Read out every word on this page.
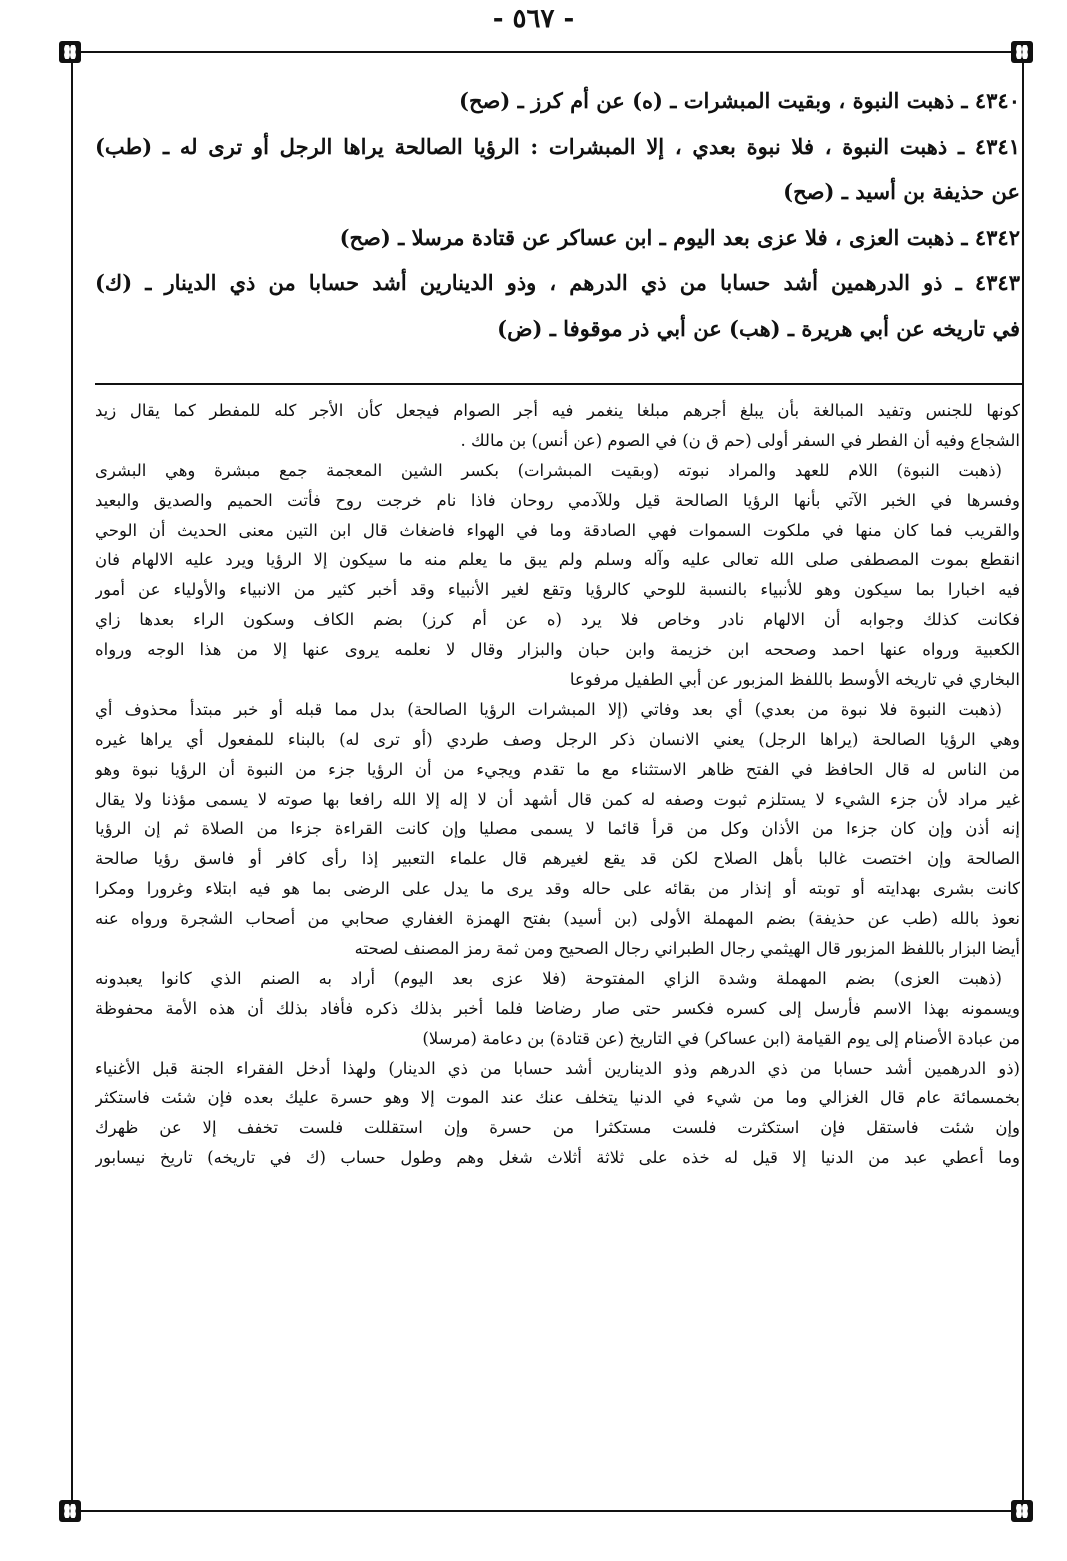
- ٥٦٧ -
٤٣٤٠ ـ ذهبت النبوة ، وبقيت المبشرات ـ (ه) عن أم كرز ـ (صح)
٤٣٤١ ـ ذهبت النبوة ، فلا نبوة بعدي ، إلا المبشرات : الرؤيا الصالحة يراها الرجل أو ترى له ـ (طب)
عن حذيفة بن أسيد ـ (صح)
٤٣٤٢ ـ ذهبت العزى ، فلا عزى بعد اليوم ـ ابن عساكر عن قتادة مرسلا ـ (صح)
٤٣٤٣ ـ ذو الدرهمين أشد حسابا من ذي الدرهم ، وذو الدينارين أشد حسابا من ذي الدينار ـ (ك)
في تاريخه عن أبي هريرة ـ (هب) عن أبي ذر موقوفا ـ (ض)
كونها للجنس وتفيد المبالغة بأن يبلغ أجرهم مبلغا ينغمر فيه أجر الصوام فيجعل كأن الأجر كله للمفطر كما يقال زيد
الشجاع وفيه أن الفطر في السفر أولى (حم ق ن) في الصوم (عن أنس) بن مالك .
(ذهبت النبوة) اللام للعهد والمراد نبوته (وبقيت المبشرات) بكسر الشين المعجمة جمع مبشرة وهي البشرى
وفسرها في الخبر الآتي بأنها الرؤيا الصالحة قيل وللآدمي روحان فاذا نام خرجت روح فأتت الحميم والصديق والبعيد
والقريب فما كان منها في ملكوت السموات فهي الصادقة وما في الهواء فاضغاث قال ابن التين معنى الحديث أن الوحي
انقطع بموت المصطفى صلى الله تعالى عليه وآله وسلم ولم يبق ما يعلم منه ما سيكون إلا الرؤيا ويرد عليه الالهام فان
فيه اخبارا بما سيكون وهو للأنبياء بالنسبة للوحي كالرؤيا وتقع لغير الأنبياء وقد أخبر كثير من الانبياء والأولياء عن أمور
فكانت كذلك وجوابه أن الالهام نادر وخاص فلا يرد (ه عن أم كرز) بضم الكاف وسكون الراء بعدها زاي
الكعبية ورواه عنها احمد وصححه ابن خزيمة وابن حبان والبزار وقال لا نعلمه يروى عنها إلا من هذا الوجه ورواه
البخاري في تاريخه الأوسط باللفظ المزبور عن أبي الطفيل مرفوعا
(ذهبت النبوة فلا نبوة من بعدي) أي بعد وفاتي (إلا المبشرات الرؤيا الصالحة) بدل مما قبله أو خبر مبتدأ محذوف أي
وهي الرؤيا الصالحة (يراها الرجل) يعني الانسان ذكر الرجل وصف طردي (أو ترى له) بالبناء للمفعول أي يراها غيره
من الناس له قال الحافظ في الفتح ظاهر الاستثناء مع ما تقدم ويجيء من أن الرؤيا جزء من النبوة أن الرؤيا نبوة وهو
غير مراد لأن جزء الشيء لا يستلزم ثبوت وصفه له كمن قال أشهد أن لا إله إلا الله رافعا بها صوته لا يسمى مؤذنا ولا يقال
إنه أذن وإن كان جزءا من الأذان وكل من قرأ قائما لا يسمى مصليا وإن كانت القراءة جزءا من الصلاة ثم إن الرؤيا
الصالحة وإن اختصت غالبا بأهل الصلاح لكن قد يقع لغيرهم قال علماء التعبير إذا رأى كافر أو فاسق رؤيا صالحة
كانت بشرى بهدايته أو توبته أو إنذار من بقائه على حاله وقد يرى ما يدل على الرضى بما هو فيه ابتلاء وغرورا ومكرا
نعوذ بالله (طب عن حذيفة) بضم المهملة الأولى (بن أسيد) بفتح الهمزة الغفاري صحابي من أصحاب الشجرة ورواه عنه
أيضا البزار باللفظ المزبور قال الهيثمي رجال الطبراني رجال الصحيح ومن ثمة رمز المصنف لصحته
(ذهبت العزى) بضم المهملة وشدة الزاي المفتوحة (فلا عزى بعد اليوم) أراد به الصنم الذي كانوا يعبدونه
ويسمونه بهذا الاسم فأرسل إلى كسره فكسر حتى صار رضاضا فلما أخبر بذلك ذكره فأفاد بذلك أن هذه الأمة محفوظة
من عبادة الأصنام إلى يوم القيامة (ابن عساكر) في التاريخ (عن قتادة) بن دعامة (مرسلا)
(ذو الدرهمين أشد حسابا من ذي الدرهم وذو الدينارين أشد حسابا من ذي الدينار) ولهذا أدخل الفقراء الجنة قبل الأغنياء
بخمسمائة عام قال الغزالي وما من شيء في الدنيا يتخلف عنك عند الموت إلا وهو حسرة عليك بعده فإن شئت فاستكثر
وإن شئت فاستقل فإن استكثرت فلست مستكثرا من حسرة وإن استقللت فلست تخفف إلا عن ظهرك
وما أعطي عبد من الدنيا إلا قيل له خذه على ثلاثة أثلاث شغل وهم وطول حساب (ك في تاريخه) تاريخ نيسابور
